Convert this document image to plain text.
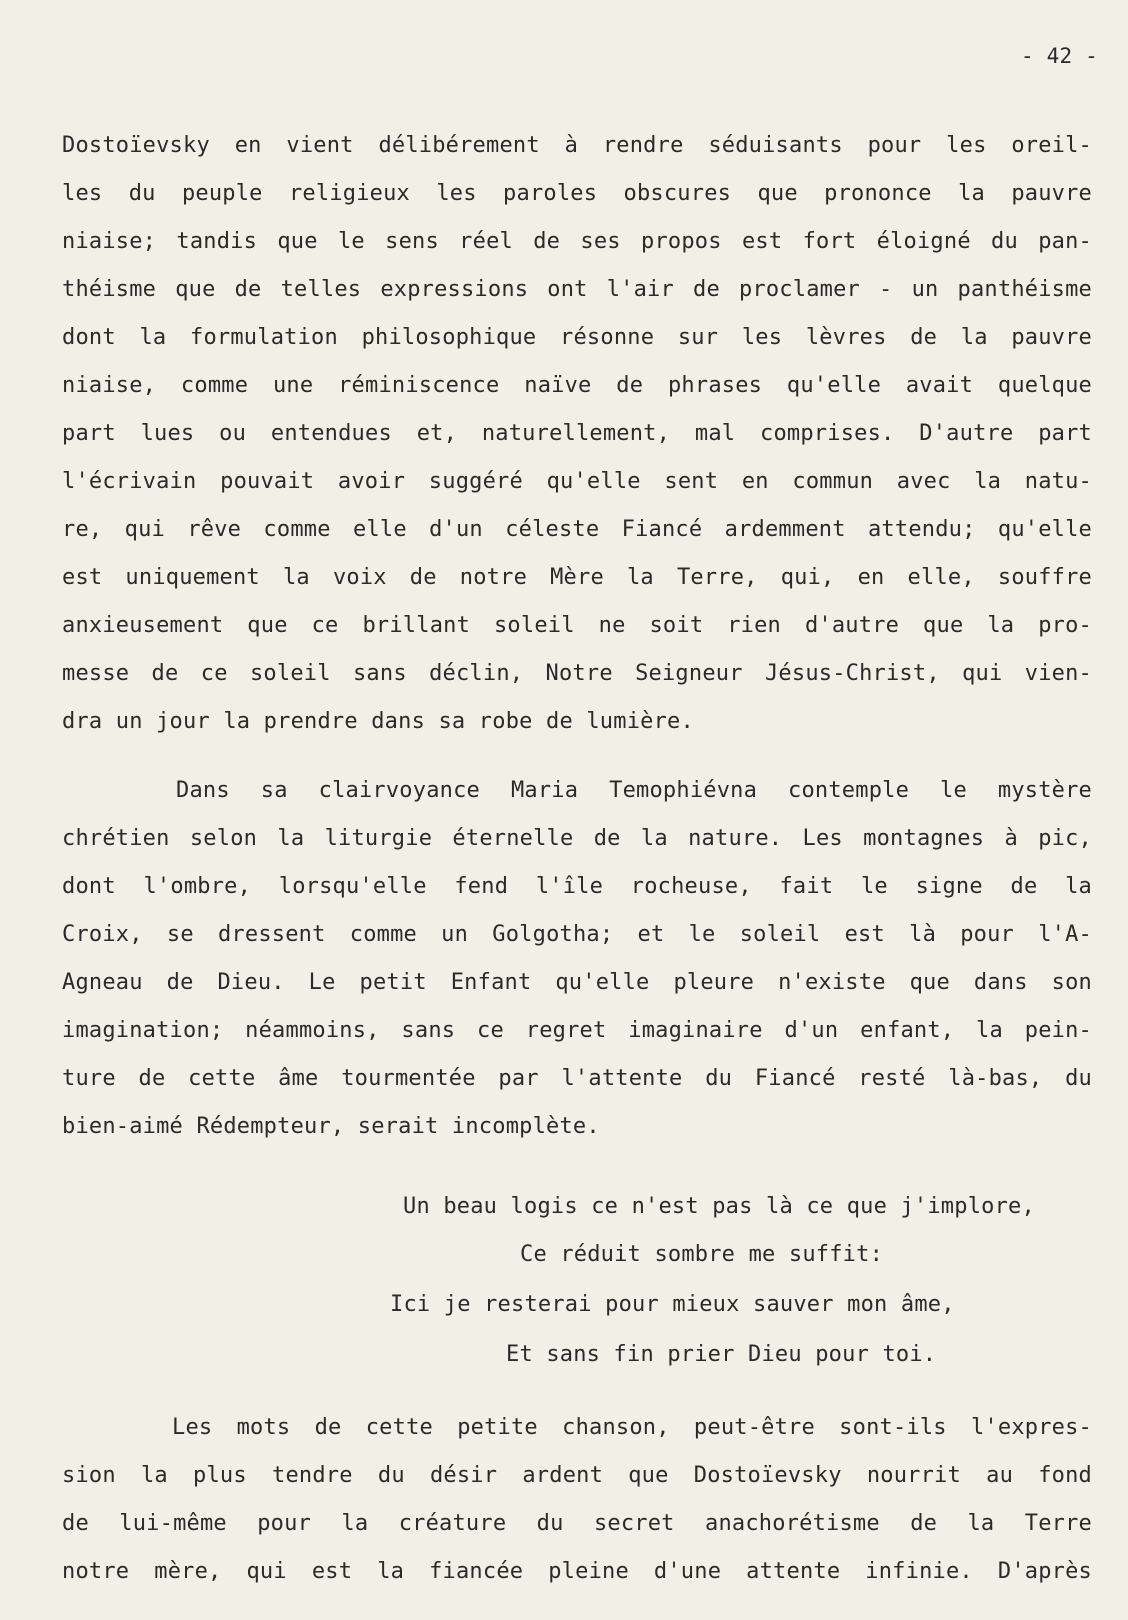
- 42 -
Dostoïevsky en vient délibérement à rendre séduisants pour les oreil-
les du peuple religieux les paroles obscures que prononce la pauvre
niaise; tandis que le sens réel de ses propos est fort éloigné du pan-
théisme que de telles expressions ont l'air de proclamer - un panthéisme
dont la formulation philosophique résonne sur les lèvres de la pauvre
niaise, comme une réminiscence naïve de phrases qu'elle avait quelque
part lues ou entendues et, naturellement, mal comprises. D'autre part
l'écrivain pouvait avoir suggéré qu'elle sent en commun avec la natu-
re, qui rêve comme elle d'un céleste Fiancé ardemment attendu; qu'elle
est uniquement la voix de notre Mère la Terre, qui, en elle, souffre
anxieusement que ce brillant soleil ne soit rien d'autre que la pro-
messe de ce soleil sans déclin, Notre Seigneur Jésus-Christ, qui vien-
dra un jour la prendre dans sa robe de lumière.
Dans sa clairvoyance Maria Temophiévna contemple le mystère
chrétien selon la liturgie éternelle de la nature. Les montagnes à pic,
dont l'ombre, lorsqu'elle fend l'île rocheuse, fait le signe de la
Croix, se dressent comme un Golgotha; et le soleil est là pour l'A-
Agneau de Dieu. Le petit Enfant qu'elle pleure n'existe que dans son
imagination; néammoins, sans ce regret imaginaire d'un enfant, la pein-
ture de cette âme tourmentée par l'attente du Fiancé resté là-bas, du
bien-aimé Rédempteur, serait incomplète.
Un beau logis ce n'est pas là ce que j'implore,
Ce réduit sombre me suffit:
Ici je resterai pour mieux sauver mon âme,
Et sans fin prier Dieu pour toi.
Les mots de cette petite chanson, peut-être sont-ils l'expres-
sion la plus tendre du désir ardent que Dostoïevsky nourrit au fond
de lui-même pour la créature du secret anachorétisme de la Terre
notre mère, qui est la fiancée pleine d'une attente infinie. D'après
